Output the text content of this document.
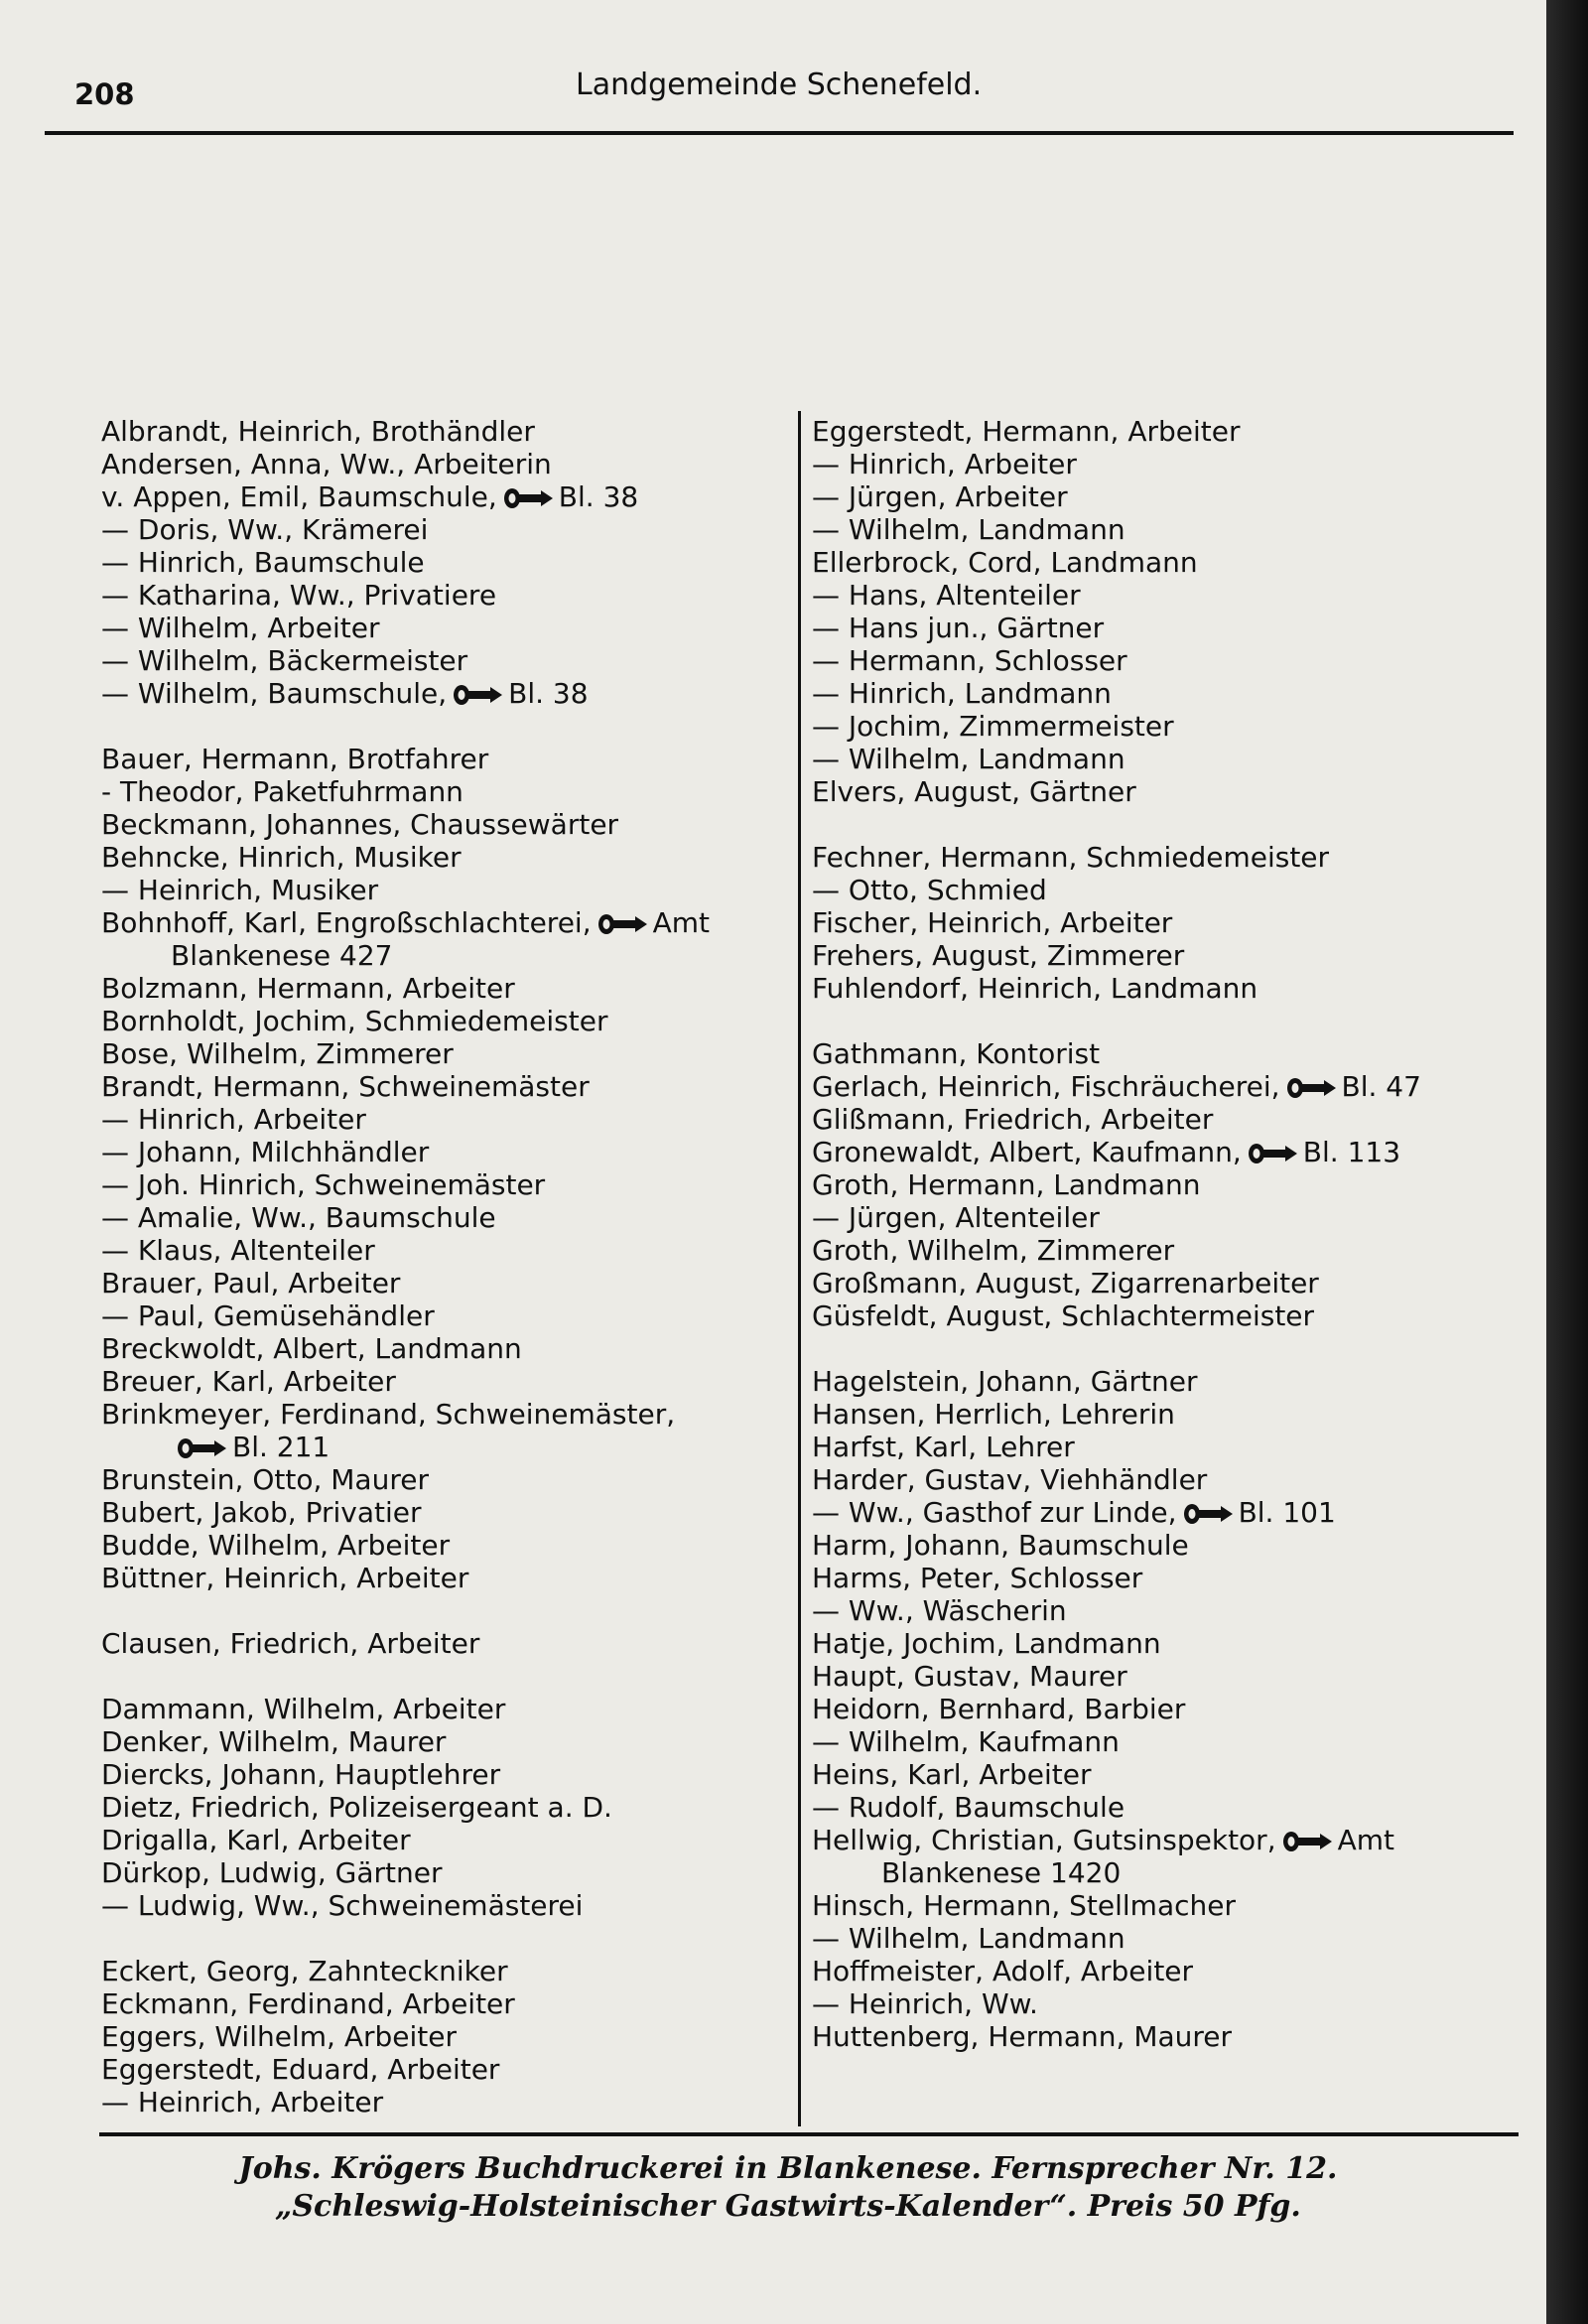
208	Landgemeinde Schenefeld.
Albrandt, Heinrich, Brothändler
Andersen, Anna, Ww., Arbeiterin
v. Appen, Emil, Baumschule, Bl. 38
— Doris, Ww., Krämerei
— Hinrich, Baumschule
— Katharina, Ww., Privatiere
— Wilhelm, Arbeiter
— Wilhelm, Bäckermeister
— Wilhelm, Baumschule, Bl. 38
Bauer, Hermann, Brotfahrer
- Theodor, Paketfuhrmann
Beckmann, Johannes, Chaussewärter
Behncke, Hinrich, Musiker
— Heinrich, Musiker
Bohnhoff, Karl, Engroßschlachterei, Amt
Blankenese 427
Bolzmann, Hermann, Arbeiter
Bornholdt, Jochim, Schmiedemeister
Bose, Wilhelm, Zimmerer
Brandt, Hermann, Schweinemäster
— Hinrich, Arbeiter
— Johann, Milchhändler
— Joh. Hinrich, Schweinemäster
— Amalie, Ww., Baumschule
— Klaus, Altenteiler
Brauer, Paul, Arbeiter
— Paul, Gemüsehändler
Breckwoldt, Albert, Landmann
Breuer, Karl, Arbeiter
Brinkmeyer, Ferdinand, Schweinemäster,
Bl. 211
Brunstein, Otto, Maurer
Bubert, Jakob, Privatier
Budde, Wilhelm, Arbeiter
Büttner, Heinrich, Arbeiter
Clausen, Friedrich, Arbeiter
Dammann, Wilhelm, Arbeiter
Denker, Wilhelm, Maurer
Diercks, Johann, Hauptlehrer
Dietz, Friedrich, Polizeisergeant a. D.
Drigalla, Karl, Arbeiter
Dürkop, Ludwig, Gärtner
— Ludwig, Ww., Schweinemästerei
Eckert, Georg, Zahnteckniker
Eckmann, Ferdinand, Arbeiter
Eggers, Wilhelm, Arbeiter
Eggerstedt, Eduard, Arbeiter
— Heinrich, Arbeiter
Eggerstedt, Hermann, Arbeiter
— Hinrich, Arbeiter
— Jürgen, Arbeiter
— Wilhelm, Landmann
Ellerbrock, Cord, Landmann
— Hans, Altenteiler
— Hans jun., Gärtner
— Hermann, Schlosser
— Hinrich, Landmann
— Jochim, Zimmermeister
— Wilhelm, Landmann
Elvers, August, Gärtner
Fechner, Hermann, Schmiedemeister
— Otto, Schmied
Fischer, Heinrich, Arbeiter
Frehers, August, Zimmerer
Fuhlendorf, Heinrich, Landmann
Gathmann, Kontorist
Gerlach, Heinrich, Fischräucherei, Bl. 47
Glißmann, Friedrich, Arbeiter
Gronewaldt, Albert, Kaufmann, Bl. 113
Groth, Hermann, Landmann
— Jürgen, Altenteiler
Groth, Wilhelm, Zimmerer
Großmann, August, Zigarrenarbeiter
Güsfeldt, August, Schlachtermeister
Hagelstein, Johann, Gärtner
Hansen, Herrlich, Lehrerin
Harfst, Karl, Lehrer
Harder, Gustav, Viehhändler
— Ww., Gasthof zur Linde, Bl. 101
Harm, Johann, Baumschule
Harms, Peter, Schlosser
— Ww., Wäscherin
Hatje, Jochim, Landmann
Haupt, Gustav, Maurer
Heidorn, Bernhard, Barbier
— Wilhelm, Kaufmann
Heins, Karl, Arbeiter
— Rudolf, Baumschule
Hellwig, Christian, Gutsinspektor, Amt
Blankenese 1420
Hinsch, Hermann, Stellmacher
— Wilhelm, Landmann
Hoffmeister, Adolf, Arbeiter
— Heinrich, Ww.
Huttenberg, Hermann, Maurer
Johs. Krögers Buchdruckerei in Blankenese. Fernsprecher Nr. 12.
„Schleswig-Holsteinischer Gastwirts-Kalender“. Preis 50 Pfg.
